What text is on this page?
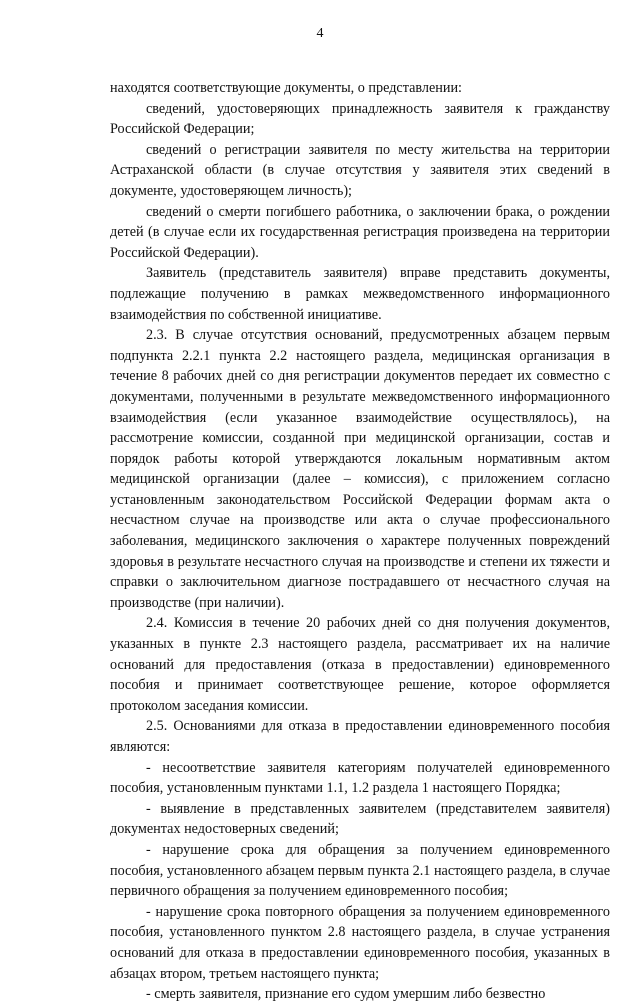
4

находятся соответствующие документы, о представлении:

сведений, удостоверяющих принадлежность заявителя к гражданству Российской Федерации;

сведений о регистрации заявителя по месту жительства на территории Астраханской области (в случае отсутствия у заявителя этих сведений в документе, удостоверяющем личность);

сведений о смерти погибшего работника, о заключении брака, о рождении детей (в случае если их государственная регистрация произведена на территории Российской Федерации).

Заявитель (представитель заявителя) вправе представить документы, подлежащие получению в рамках межведомственного информационного взаимодействия по собственной инициативе.

2.3. В случае отсутствия оснований, предусмотренных абзацем первым подпункта 2.2.1 пункта 2.2 настоящего раздела, медицинская организация в течение 8 рабочих дней со дня регистрации документов передает их совместно с документами, полученными в результате межведомственного информационного взаимодействия (если указанное взаимодействие осуществлялось), на рассмотрение комиссии, созданной при медицинской организации, состав и порядок работы которой утверждаются локальным нормативным актом медицинской организации (далее – комиссия), с приложением согласно установленным законодательством Российской Федерации формам акта о несчастном случае на производстве или акта о случае профессионального заболевания, медицинского заключения о характере полученных повреждений здоровья в результате несчастного случая на производстве и степени их тяжести и справки о заключительном диагнозе пострадавшего от несчастного случая на производстве (при наличии).

2.4. Комиссия в течение 20 рабочих дней со дня получения документов, указанных в пункте 2.3 настоящего раздела, рассматривает их на наличие оснований для предоставления (отказа в предоставлении) единовременного пособия и принимает соответствующее решение, которое оформляется протоколом заседания комиссии.

2.5. Основаниями для отказа в предоставлении единовременного пособия являются:

- несоответствие заявителя категориям получателей единовременного пособия, установленным пунктами 1.1, 1.2 раздела 1 настоящего Порядка;

- выявление в представленных заявителем (представителем заявителя) документах недостоверных сведений;

- нарушение срока для обращения за получением единовременного пособия, установленного абзацем первым пункта 2.1 настоящего раздела, в случае первичного обращения за получением единовременного пособия;

- нарушение срока повторного обращения за получением единовременного пособия, установленного пунктом 2.8 настоящего раздела, в случае устранения оснований для отказа в предоставлении единовременного пособия, указанных в абзацах втором, третьем настоящего пункта;

- смерть заявителя, признание его судом умершим либо безвестно
